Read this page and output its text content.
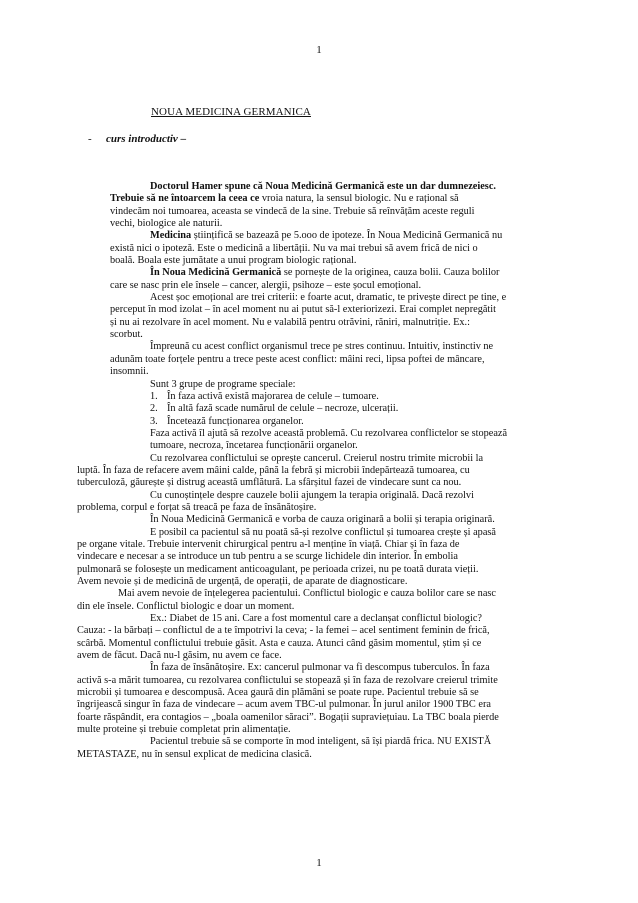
1
NOUA MEDICINA GERMANICA
- curs introductiv –
Doctorul Hamer spune că Noua Medicină Germanică este un dar dumnezeiesc.
Trebuie să ne întoarcem la ceea ce vroia natura, la sensul biologic. Nu e rațional să
vindecăm noi tumoarea, aceasta se vindecă de la sine. Trebuie să reînvățăm aceste reguli
vechi, biologice ale naturii.
Medicina științifică se bazează pe 5.ooo de ipoteze. În Noua Medicină Germanică nu
există nici o ipoteză. Este o medicină a libertății. Nu va mai trebui să avem frică de nici o
boală. Boala este jumătate a unui program biologic rațional.
În Noua Medicină Germanică se pornește de la originea, cauza bolii. Cauza bolilor
care se nasc prin ele însele – cancer, alergii, psihoze – este șocul emoțional.
Acest șoc emoțional are trei criterii: e foarte acut, dramatic, te privește direct pe tine, e
perceput în mod izolat – în acel moment nu ai putut să-l exteriorizezi. Erai complet nepregătit
și nu ai rezolvare în acel moment. Nu e valabilă pentru otrăvini, răniri, malnutriție. Ex.:
scorbut.
Împreună cu acest conflict organismul trece pe stres continuu. Intuitiv, instinctiv ne
adunăm toate forțele pentru a trece peste acest conflict: mâini reci, lipsa poftei de mâncare,
insomnii.
Sunt 3 grupe de programe speciale:
1. În faza activă există majorarea de celule – tumoare.
2. În altă fază scade numărul de celule – necroze, ulcerații.
3. Încetează funcționarea organelor.
Faza activă îl ajută să rezolve această problemă. Cu rezolvarea conflictelor se stopează
tumoare, necroza, încetarea funcționării organelor.
Cu rezolvarea conflictului se oprește cancerul. Creierul nostru trimite microbii la
luptă. În faza de refacere avem mâini calde, până la febră și microbii îndepărtează tumoarea, cu
tuberculoză, găurește și distrug această umflătură. La sfârșitul fazei de vindecare sunt ca nou.
Cu cunoștințele despre cauzele bolii ajungem la terapia originală. Dacă rezolvi
problema, corpul e forțat să treacă pe faza de însănătoșire.
În Noua Medicină Germanică e vorba de cauza originară a bolii și terapia originară.
E posibil ca pacientul să nu poată să-și rezolve conflictul și tumoarea crește și apasă
pe organe vitale. Trebuie intervenit chirurgical pentru a-l menține în viață. Chiar și în faza de
vindecare e necesar a se introduce un tub pentru a se scurge lichidele din interior. În embolia
pulmonară se folosește un medicament anticoagulant, pe perioada crizei, nu pe toată durata vieții.
Avem nevoie și de medicină de urgență, de operații, de aparate de diagnosticare.
Mai avem nevoie de înțelegerea pacientului. Conflictul biologic e cauza bolilor care se nasc
din ele însele. Conflictul biologic e doar un moment.
Ex.: Diabet de 15 ani. Care a fost momentul care a declanșat conflictul biologic?
Cauza: - la bărbați – conflictul de a te împotrivi la ceva; - la femei – acel sentiment feminin de frică,
scârbă. Momentul conflictului trebuie găsit. Asta e cauza. Atunci când găsim momentul, știm și ce
avem de făcut. Dacă nu-l găsim, nu avem ce face.
În faza de însănătoșire. Ex: cancerul pulmonar va fi descompus tuberculos. În faza
activă s-a mărit tumoarea, cu rezolvarea conflictului se stopează și în faza de rezolvare creierul trimite
microbii și tumoarea e descompusă. Acea gaură din plămâni se poate rupe. Pacientul trebuie să se
îngrijească singur în faza de vindecare – acum avem TBC-ul pulmonar. În jurul anilor 1900 TBC era
foarte răspândit, era contagios – „boala oamenilor săraci”. Bogații supraviețuiau. La TBC boala pierde
multe proteine și trebuie completat prin alimentație.
Pacientul trebuie să se comporte în mod inteligent, să își piardă frica. NU EXISTĂ
METASTAZE, nu în sensul explicat de medicina clasică.
1
